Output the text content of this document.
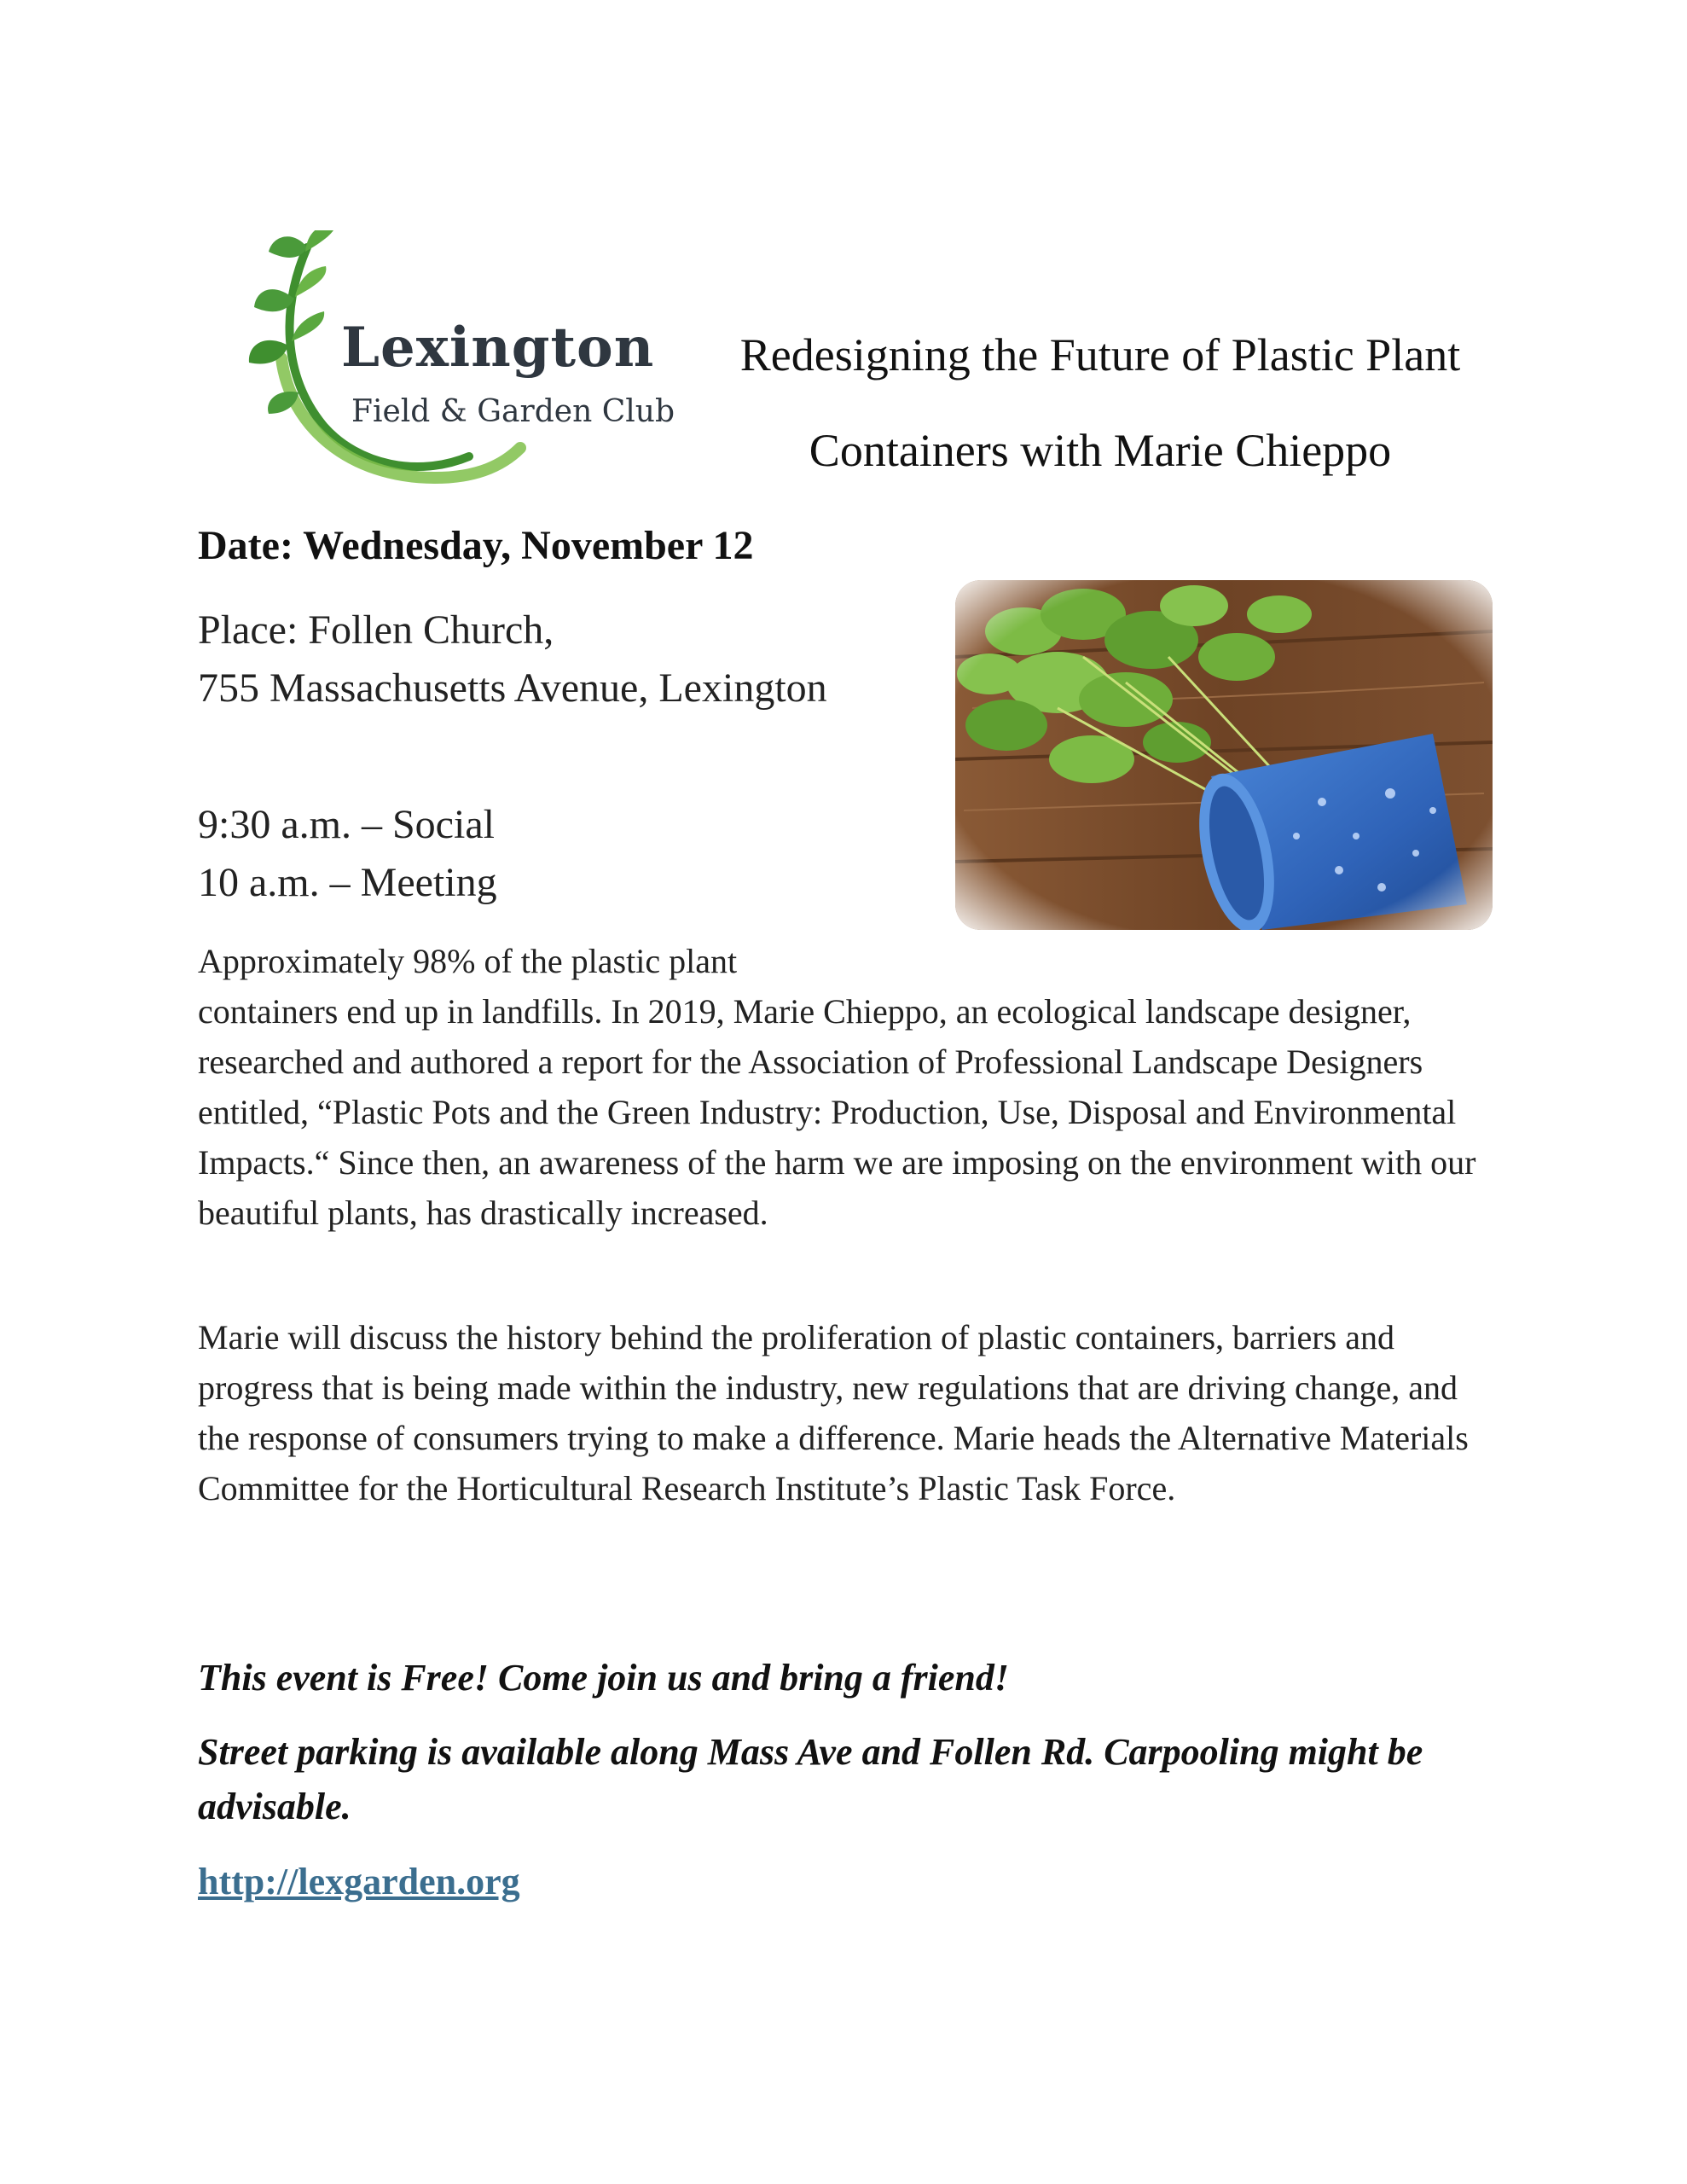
Lexington
Field & Garden Club
Redesigning the Future of Plastic Plant
Containers with Marie Chieppo
Date: Wednesday, November 12
Place: Follen Church,
755 Massachusetts Avenue, Lexington
9:30 a.m. – Social
10 a.m. – Meeting
Approximately 98% of the plastic plant
containers end up in landfills. In 2019, Marie Chieppo, an ecological landscape designer, researched and authored a report for the Association of Professional Landscape Designers entitled, “Plastic Pots and the Green Industry: Production, Use, Disposal and Environmental Impacts.“ Since then, an awareness of the harm we are imposing on the environment with our beautiful plants, has drastically increased.
Marie will discuss the history behind the proliferation of plastic containers, barriers and progress that is being made within the industry, new regulations that are driving change, and the response of consumers trying to make a difference. Marie heads the Alternative Materials Committee for the Horticultural Research Institute’s Plastic Task Force.
This event is Free! Come join us and bring a friend!
Street parking is available along Mass Ave and Follen Rd. Carpooling might be advisable.
http://lexgarden.org
